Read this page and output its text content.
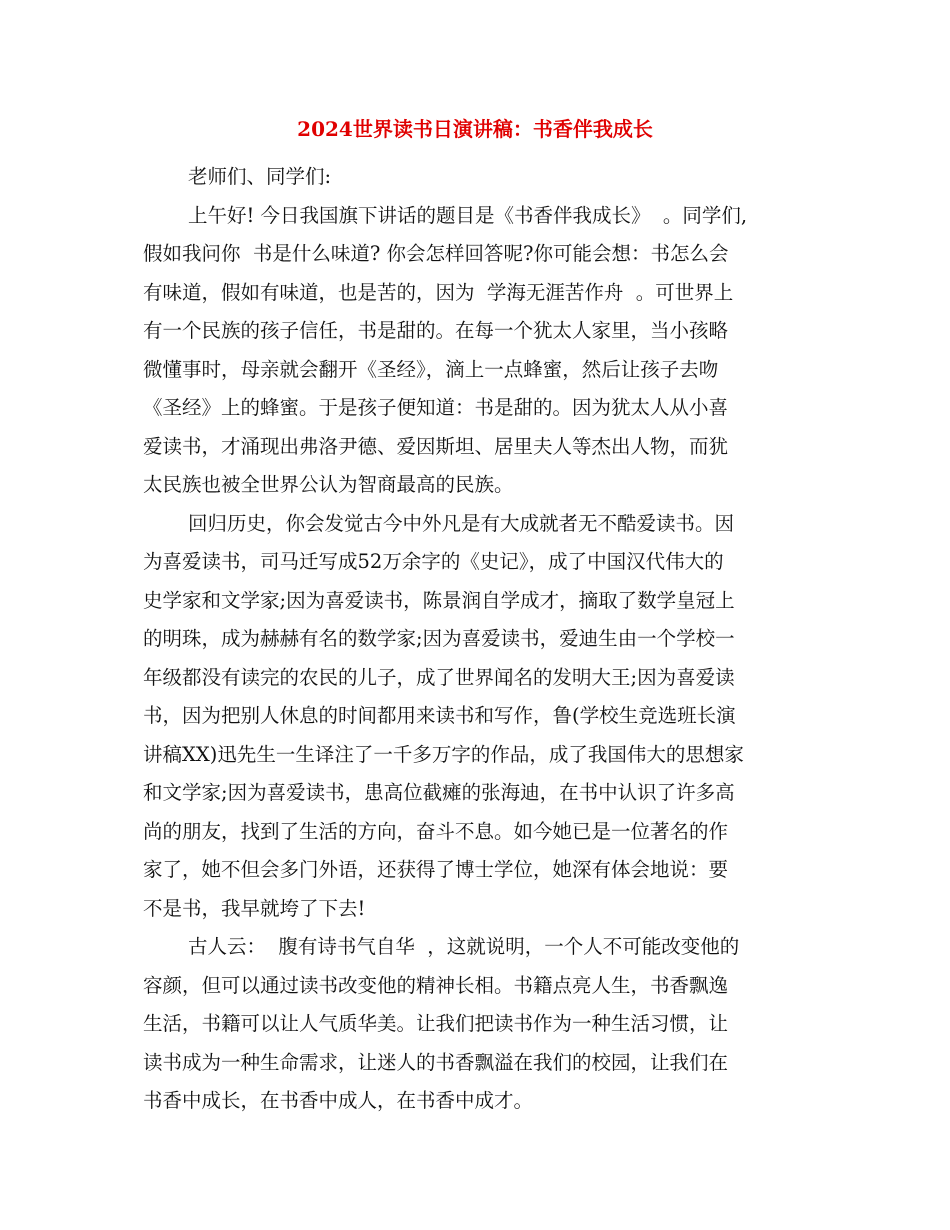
2024世界读书日演讲稿：书香伴我成长
老师们、同学们:
上午好! 今日我国旗下讲话的题目是《书香伴我成长》  。同学们,
假如我问你  书是什么味道? 你会怎样回答呢?你可能会想：书怎么会
有味道，假如有味道，也是苦的，因为  学海无涯苦作舟  。可世界上
有一个民族的孩子信任，书是甜的。在每一个犹太人家里，当小孩略
微懂事时，母亲就会翻开《圣经》，滴上一点蜂蜜，然后让孩子去吻
《圣经》上的蜂蜜。于是孩子便知道：书是甜的。因为犹太人从小喜
爱读书，才涌现出弗洛尹德、爱因斯坦、居里夫人等杰出人物，而犹
太民族也被全世界公认为智商最高的民族。
回归历史，你会发觉古今中外凡是有大成就者无不酷爱读书。因
为喜爱读书，司马迁写成52万余字的《史记》，成了中国汉代伟大的
史学家和文学家;因为喜爱读书，陈景润自学成才，摘取了数学皇冠上
的明珠，成为赫赫有名的数学家;因为喜爱读书，爱迪生由一个学校一
年级都没有读完的农民的儿子，成了世界闻名的发明大王;因为喜爱读
书，因为把别人休息的时间都用来读书和写作，鲁(学校生竞选班长演
讲稿XX)迅先生一生译注了一千多万字的作品，成了我国伟大的思想家
和文学家;因为喜爱读书，患高位截瘫的张海迪，在书中认识了许多高
尚的朋友，找到了生活的方向，奋斗不息。如今她已是一位著名的作
家了，她不但会多门外语，还获得了博士学位，她深有体会地说：要
不是书，我早就垮了下去!
古人云：  腹有诗书气自华  ，这就说明，一个人不可能改变他的
容颜，但可以通过读书改变他的精神长相。书籍点亮人生，书香飘逸
生活，书籍可以让人气质华美。让我们把读书作为一种生活习惯，让
读书成为一种生命需求，让迷人的书香飘溢在我们的校园，让我们在
书香中成长，在书香中成人，在书香中成才。
